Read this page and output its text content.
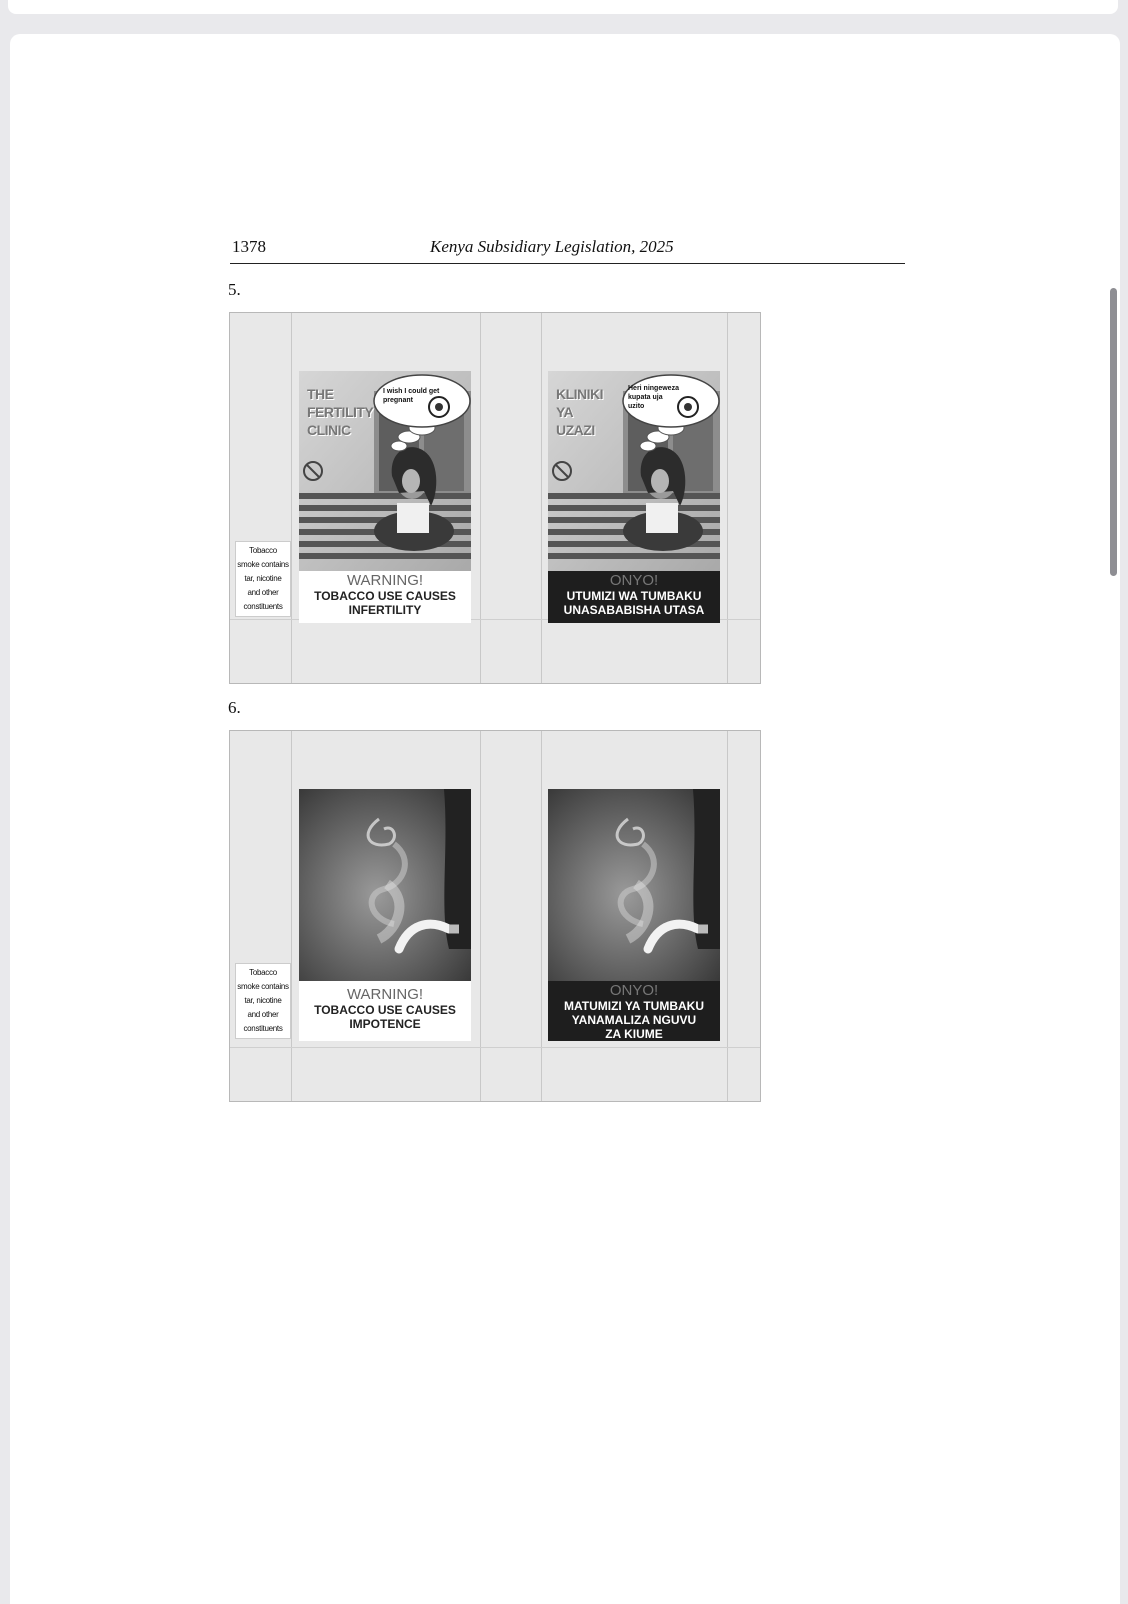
1378	Kenya Subsidiary Legislation, 2025
5.
Tobacco
smoke contains
tar, nicotine
and other
constituents
THE
FERTILITY
CLINIC
I wish I could get
pregnant
WARNING!
TOBACCO USE CAUSES
INFERTILITY
KLINIKI
YA
UZAZI
Heri ningeweza
kupata uja
uzito
ONYO!
UTUMIZI WA TUMBAKU
UNASABABISHA UTASA
6.
Tobacco
smoke contains
tar, nicotine
and other
constituents
WARNING!
TOBACCO USE CAUSES
IMPOTENCE
ONYO!
MATUMIZI YA TUMBAKU
YANAMALIZA NGUVU
ZA KIUME
